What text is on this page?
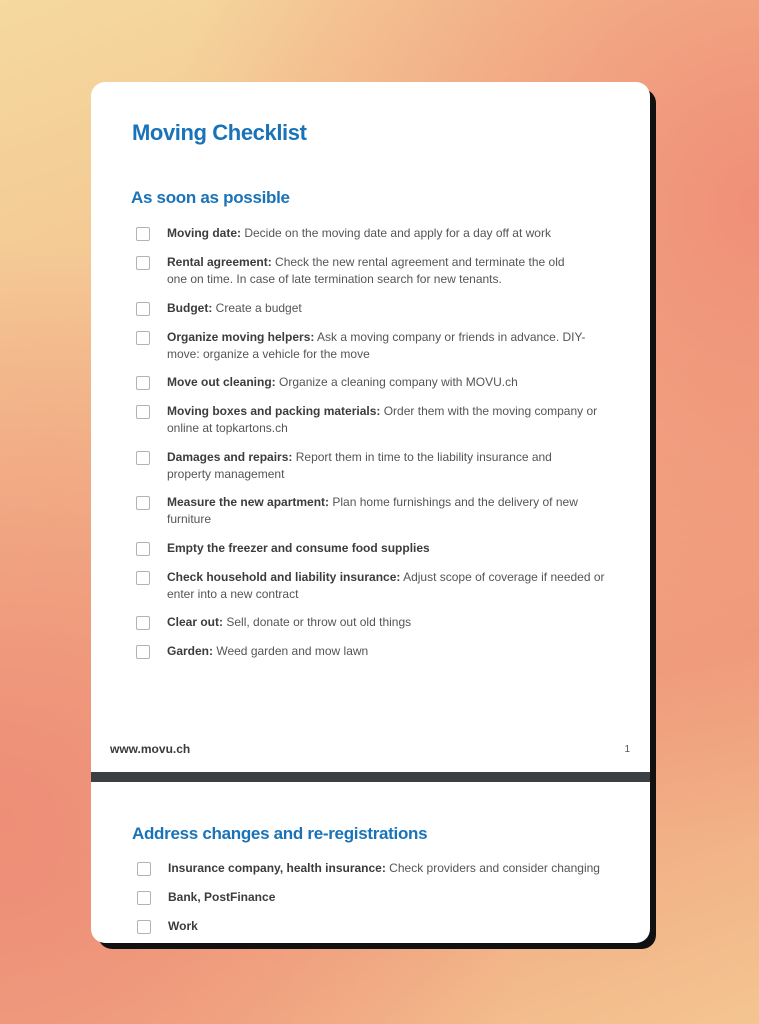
Moving Checklist
As soon as possible
Moving date: Decide on the moving date and apply for a day off at work
Rental agreement: Check the new rental agreement and terminate the old one on time. In case of late termination search for new tenants.
Budget: Create a budget
Organize moving helpers: Ask a moving company or friends in advance. DIY-move: organize a vehicle for the move
Move out cleaning: Organize a cleaning company with MOVU.ch
Moving boxes and packing materials: Order them with the moving company or online at topkartons.ch
Damages and repairs: Report them in time to the liability insurance and property management
Measure the new apartment: Plan home furnishings and the delivery of new furniture
Empty the freezer and consume food supplies
Check household and liability insurance: Adjust scope of coverage if needed or enter into a new contract
Clear out: Sell, donate or throw out old things
Garden: Weed garden and mow lawn
www.movu.ch	1
Address changes and re-registrations
Insurance company, health insurance: Check providers and consider changing
Bank, PostFinance
Work
